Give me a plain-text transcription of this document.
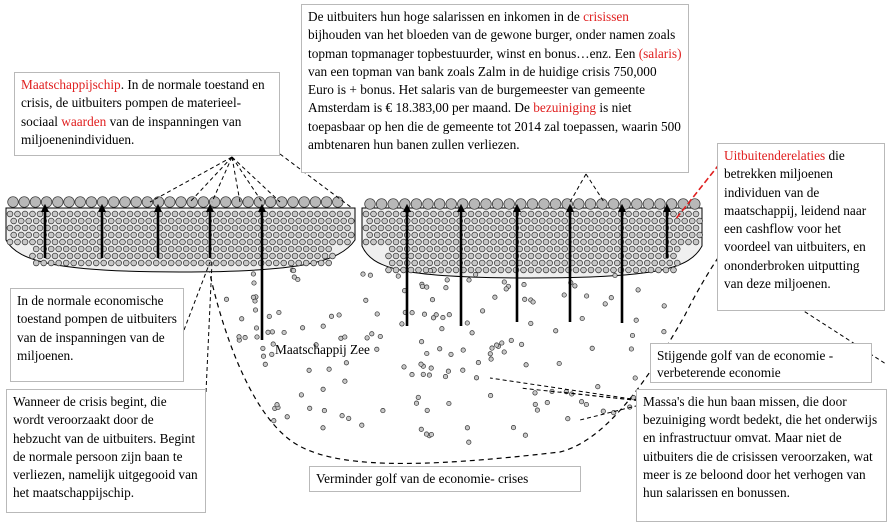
De uitbuiters hun hoge salarissen en inkomen in de crisissen bijhouden van het bloeden van de gewone burger, onder namen zoals topman topmanager topbestuurder, winst en bonus…enz. Een (salaris) van een topman van bank zoals Zalm in de huidige crisis 750,000 Euro is + bonus. Het salaris van de burgemeester van gemeente Amsterdam is € 18.383,00 per maand. De bezuiniging is niet toepasbaar op hen die de gemeente tot 2014 zal toepassen, waarin 500 ambtenaren hun banen zullen verliezen.
Maatschappijschip. In de normale toestand en crisis, de uitbuiters pompen de materieel-sociaal waarden van de inspanningen van miljoenenindividuen.
Uitbuitenderelaties die betrekken miljoenen individuen van de maatschappij, leidend naar een cashflow voor het voordeel van uitbuiters, en ononderbroken uitputting van deze miljoenen.
In de normale economische toestand pompen de uitbuiters van de inspanningen van de miljoenen.
Wanneer de crisis begint, die wordt veroorzaakt door de hebzucht van de uitbuiters. Begint de normale persoon zijn baan te verliezen, namelijk uitgegooid van het maatschappijschip.
Maatschappij Zee	Stijgende golf van de economie - verbeterende economie
Verminder golf van de economie- crises
Massa's die hun baan missen, die door bezuiniging wordt bedekt, die het onderwijs en infrastructuur omvat. Maar niet de uitbuiters die de crisissen veroorzaken, wat meer is ze beloond door het verhogen van hun salarissen en bonussen.
